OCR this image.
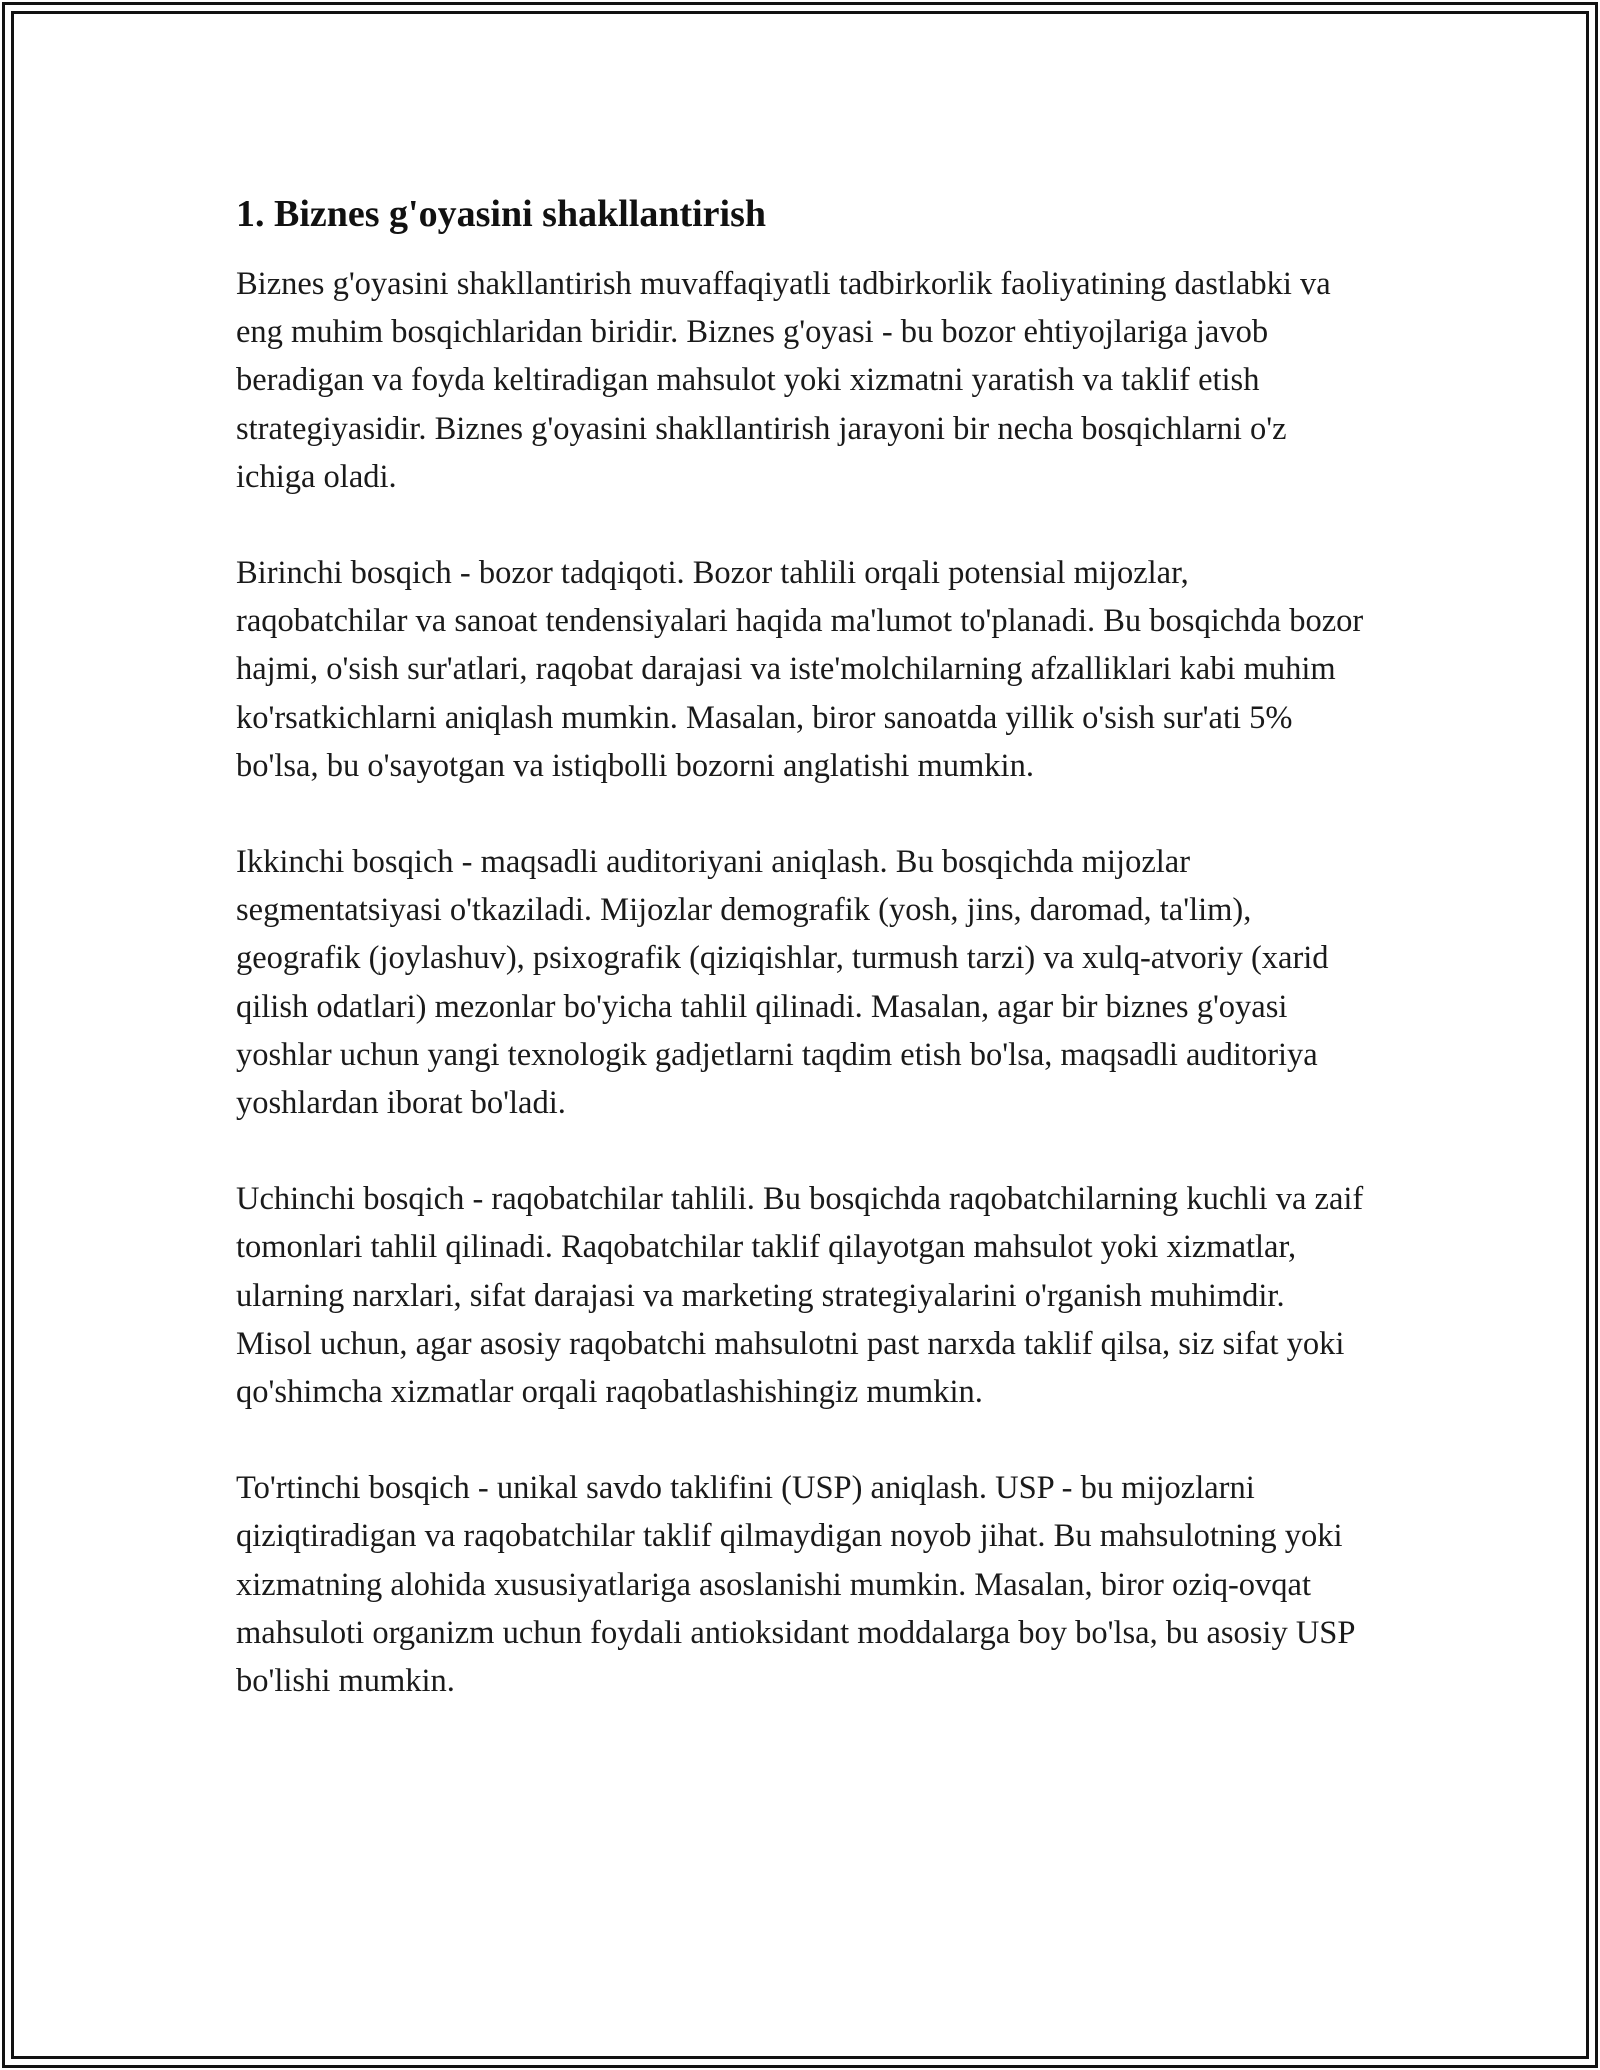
1. Biznes g'oyasini shakllantirish

Biznes g'oyasini shakllantirish muvaffaqiyatli tadbirkorlik faoliyatining dastlabki va eng muhim bosqichlaridan biridir. Biznes g'oyasi - bu bozor ehtiyojlariga javob beradigan va foyda keltiradigan mahsulot yoki xizmatni yaratish va taklif etish strategiyasidir. Biznes g'oyasini shakllantirish jarayoni bir necha bosqichlarni o'z ichiga oladi.

Birinchi bosqich - bozor tadqiqoti. Bozor tahlili orqali potensial mijozlar, raqobatchilar va sanoat tendensiyalari haqida ma'lumot to'planadi. Bu bosqichda bozor hajmi, o'sish sur'atlari, raqobat darajasi va iste'molchilarning afzalliklari kabi muhim ko'rsatkichlarni aniqlash mumkin. Masalan, biror sanoatda yillik o'sish sur'ati 5% bo'lsa, bu o'sayotgan va istiqbolli bozorni anglatishi mumkin.

Ikkinchi bosqich - maqsadli auditoriyani aniqlash. Bu bosqichda mijozlar segmentatsiyasi o'tkaziladi. Mijozlar demografik (yosh, jins, daromad, ta'lim), geografik (joylashuv), psixografik (qiziqishlar, turmush tarzi) va xulq-atvoriy (xarid qilish odatlari) mezonlar bo'yicha tahlil qilinadi. Masalan, agar bir biznes g'oyasi yoshlar uchun yangi texnologik gadjetlarni taqdim etish bo'lsa, maqsadli auditoriya yoshlardan iborat bo'ladi.

Uchinchi bosqich - raqobatchilar tahlili. Bu bosqichda raqobatchilarning kuchli va zaif tomonlari tahlil qilinadi. Raqobatchilar taklif qilayotgan mahsulot yoki xizmatlar, ularning narxlari, sifat darajasi va marketing strategiyalarini o'rganish muhimdir. Misol uchun, agar asosiy raqobatchi mahsulotni past narxda taklif qilsa, siz sifat yoki qo'shimcha xizmatlar orqali raqobatlashishingiz mumkin.

To'rtinchi bosqich - unikal savdo taklifini (USP) aniqlash. USP - bu mijozlarni qiziqtiradigan va raqobatchilar taklif qilmaydigan noyob jihat. Bu mahsulotning yoki xizmatning alohida xususiyatlariga asoslanishi mumkin. Masalan, biror oziq-ovqat mahsuloti organizm uchun foydali antioksidant moddalarga boy bo'lsa, bu asosiy USP bo'lishi mumkin.
